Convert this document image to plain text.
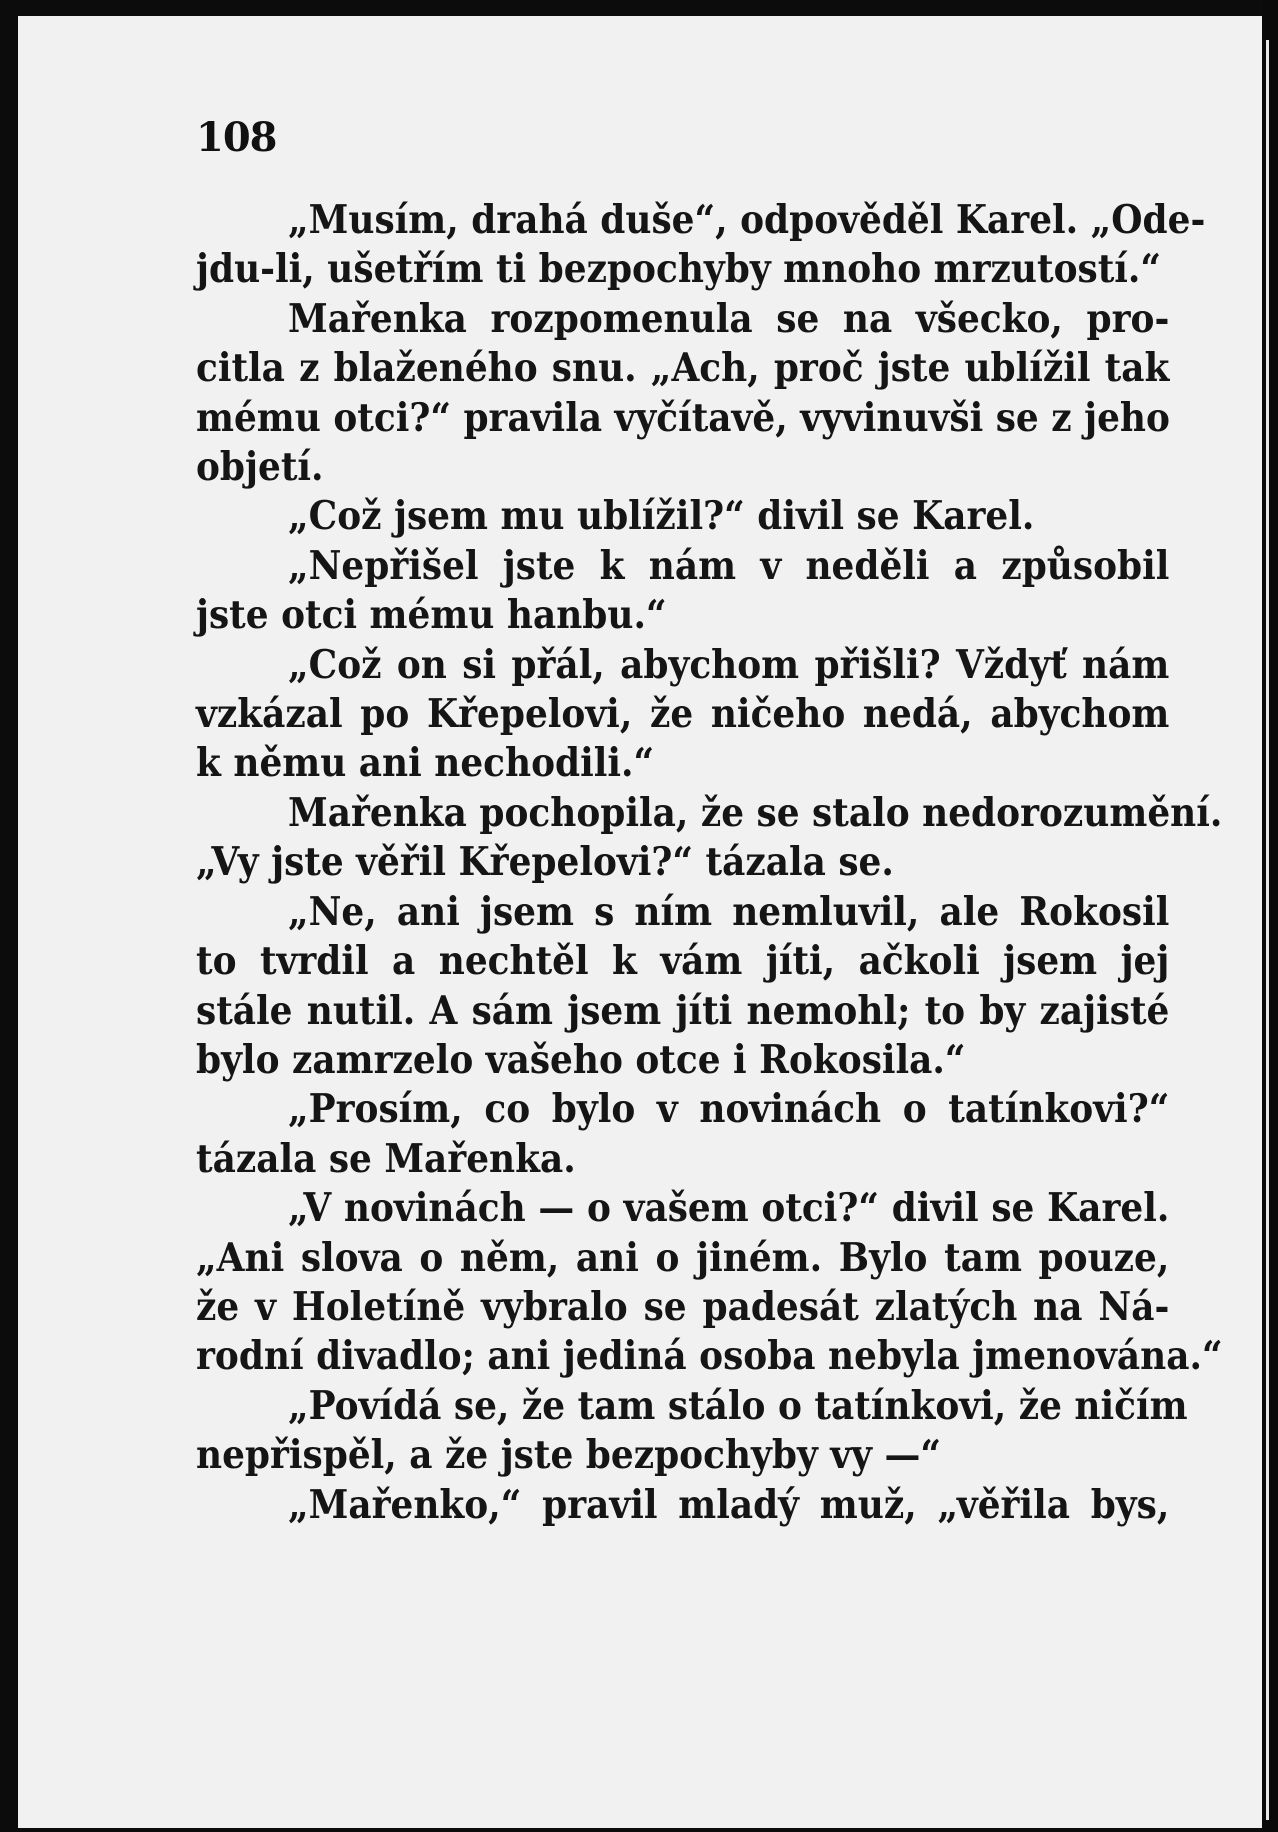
108
„Musím, drahá duše“, odpověděl Karel. „Ode-
jdu-li, ušetřím ti bezpochyby mnoho mrzutostí.“
Mařenka rozpomenula se na všecko, pro-
citla z blaženého snu. „Ach, proč jste ublížil tak
mému otci?“ pravila vyčítavě, vyvinuvši se z jeho
objetí.
„Což jsem mu ublížil?“ divil se Karel.
„Nepřišel jste k nám v neděli a způsobil
jste otci mému hanbu.“
„Což on si přál, abychom přišli? Vždyť nám
vzkázal po Křepelovi, že ničeho nedá, abychom
k němu ani nechodili.“
Mařenka pochopila, že se stalo nedorozumění.
„Vy jste věřil Křepelovi?“ tázala se.
„Ne, ani jsem s ním nemluvil, ale Rokosil
to tvrdil a nechtěl k vám jíti, ačkoli jsem jej
stále nutil. A sám jsem jíti nemohl; to by zajisté
bylo zamrzelo vašeho otce i Rokosila.“
„Prosím, co bylo v novinách o tatínkovi?“
tázala se Mařenka.
„V novinách — o vašem otci?“ divil se Karel.
„Ani slova o něm, ani o jiném. Bylo tam pouze,
že v Holetíně vybralo se padesát zlatých na Ná-
rodní divadlo; ani jediná osoba nebyla jmenována.“
„Povídá se, že tam stálo o tatínkovi, že ničím
nepřispěl, a že jste bezpochyby vy —“
„Mařenko,“ pravil mladý muž, „věřila bys,
